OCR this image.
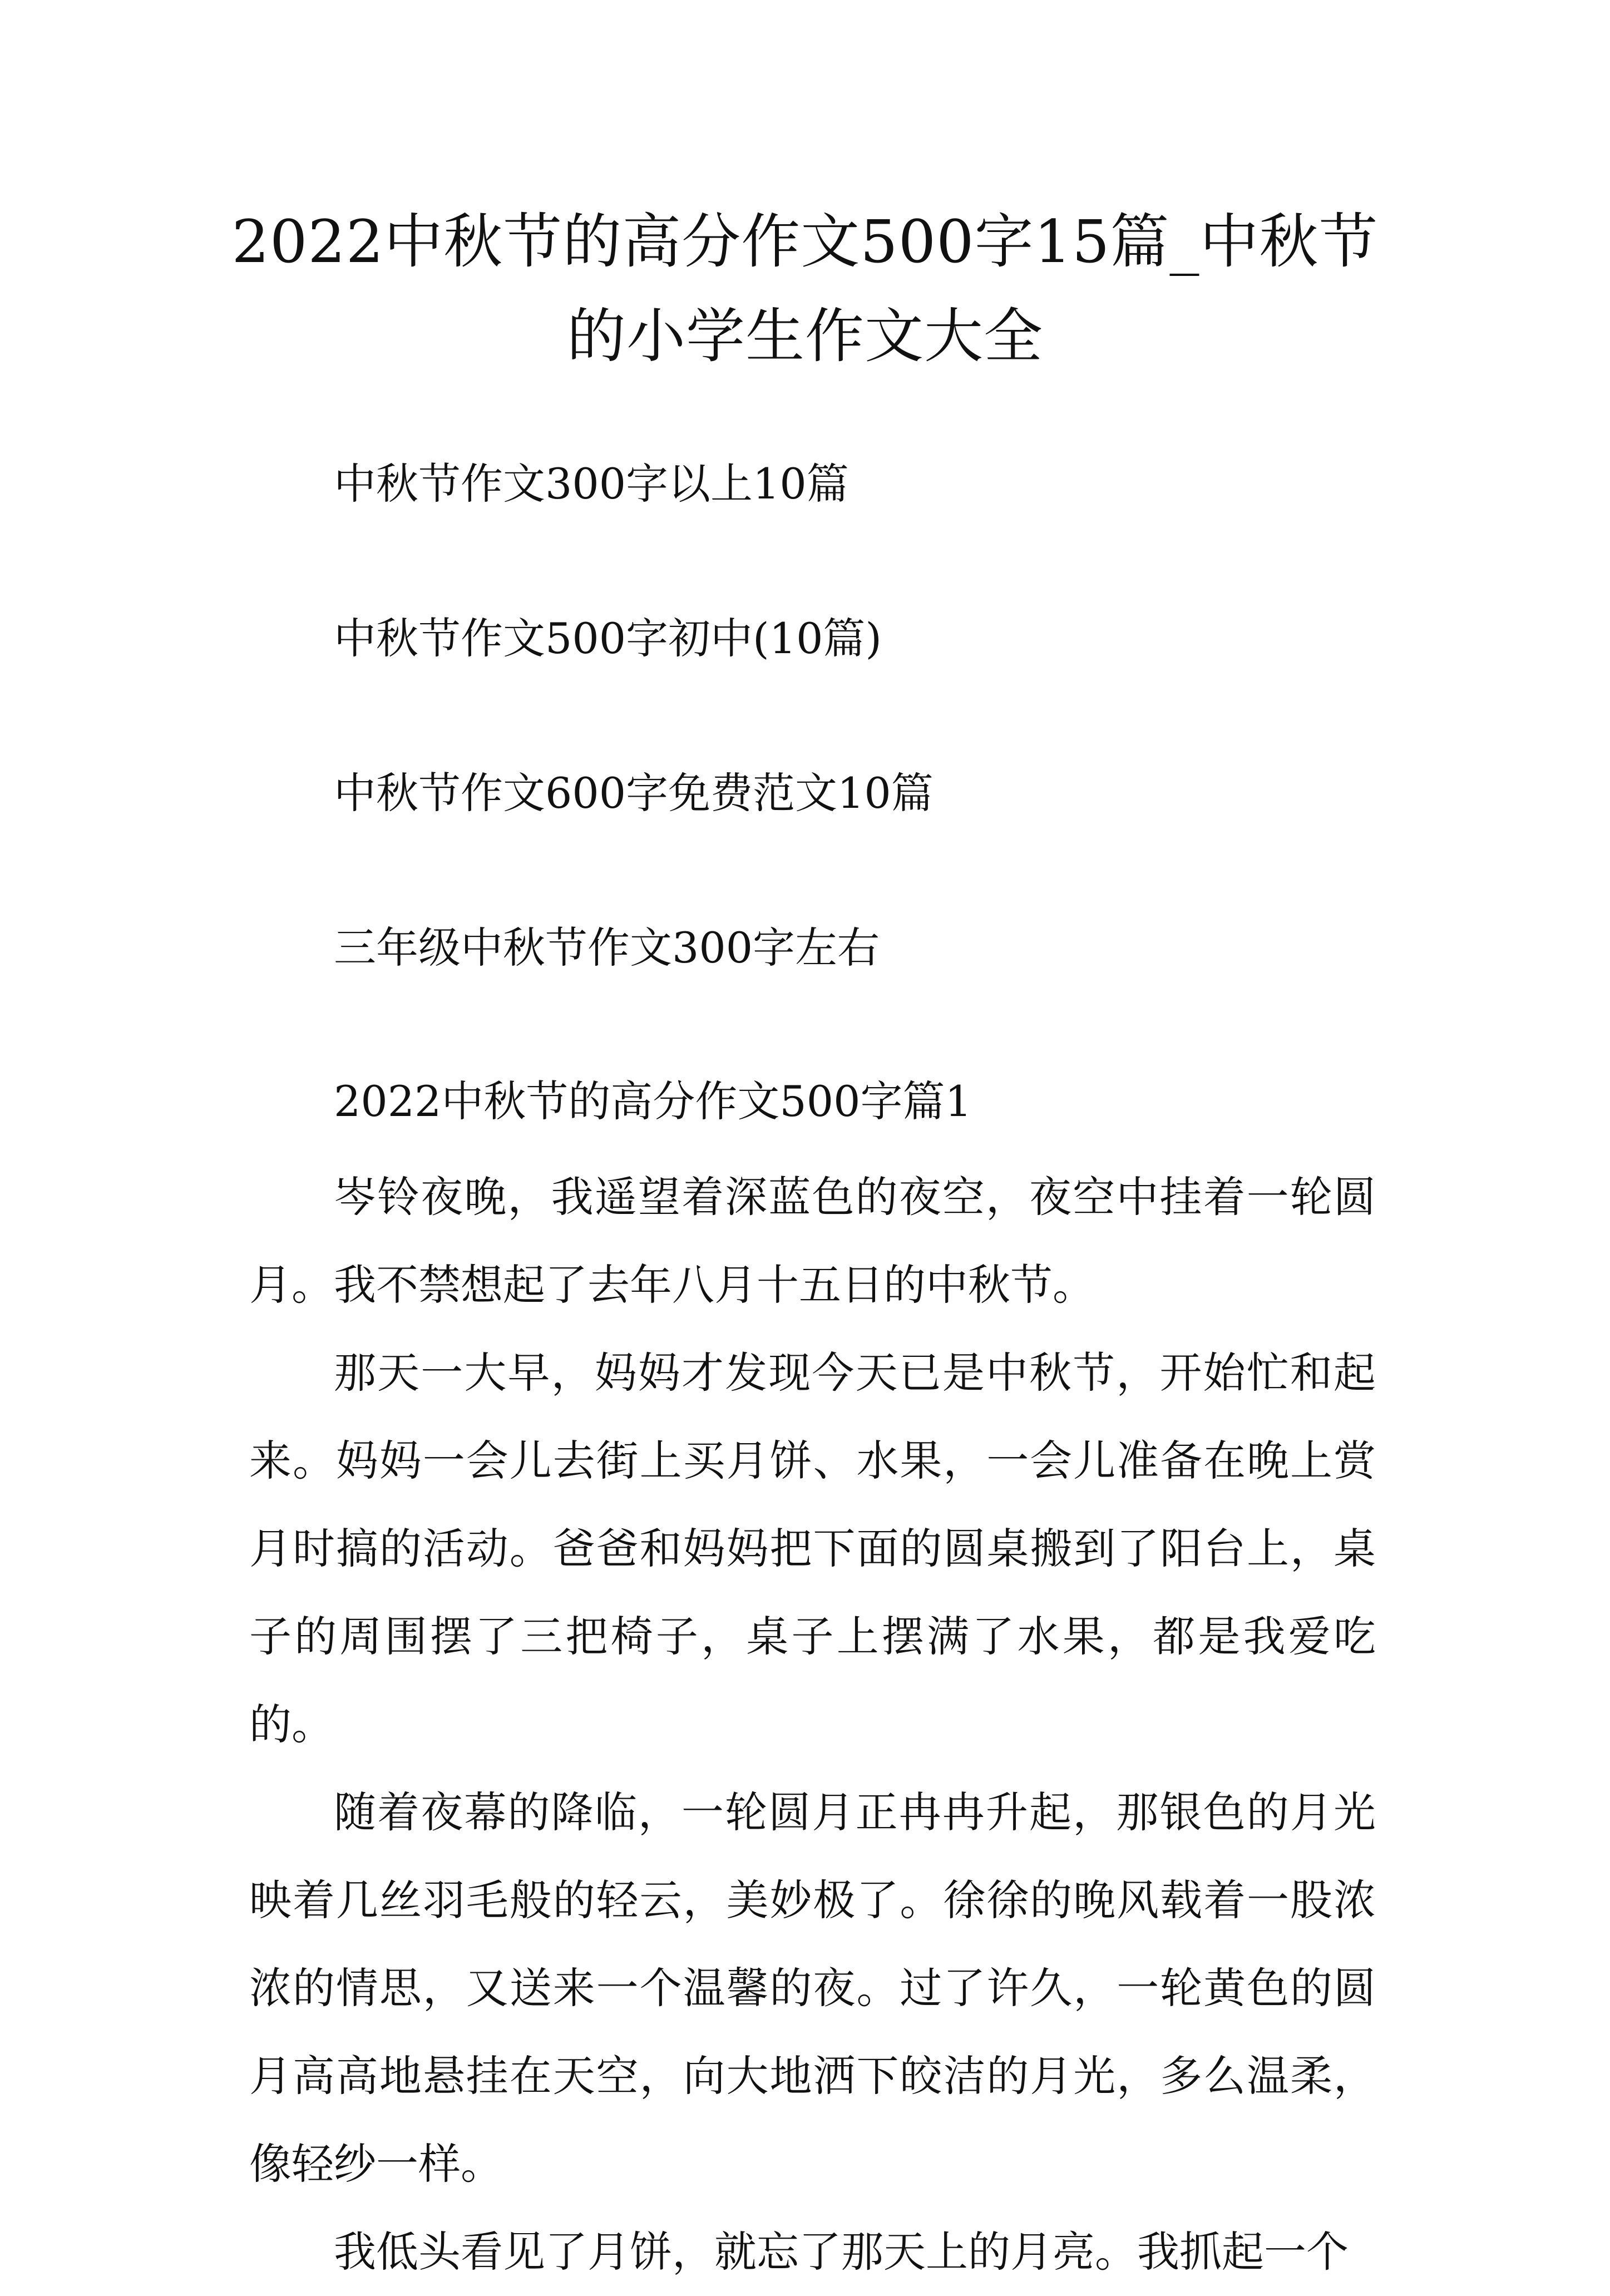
2022中秋节的高分作文500字15篇_中秋节的小学生作文大全
中秋节作文300字以上10篇
中秋节作文500字初中(10篇)
中秋节作文600字免费范文10篇
三年级中秋节作文300字左右
2022中秋节的高分作文500字篇1

岑铃夜晚，我遥望着深蓝色的夜空，夜空中挂着一轮圆月。我不禁想起了去年八月十五日的中秋节。

那天一大早，妈妈才发现今天已是中秋节，开始忙和起来。妈妈一会儿去街上买月饼、水果，一会儿准备在晚上赏月时搞的活动。爸爸和妈妈把下面的圆桌搬到了阳台上，桌子的周围摆了三把椅子，桌子上摆满了水果，都是我爱吃的。

随着夜幕的降临，一轮圆月正冉冉升起，那银色的月光映着几丝羽毛般的轻云，美妙极了。徐徐的晚风载着一股浓浓的情思，又送来一个温馨的夜。过了许久，一轮黄色的圆月高高地悬挂在天空，向大地洒下皎洁的月光，多么温柔，像轻纱一样。

我低头看见了月饼，就忘了那天上的月亮。我抓起一个
